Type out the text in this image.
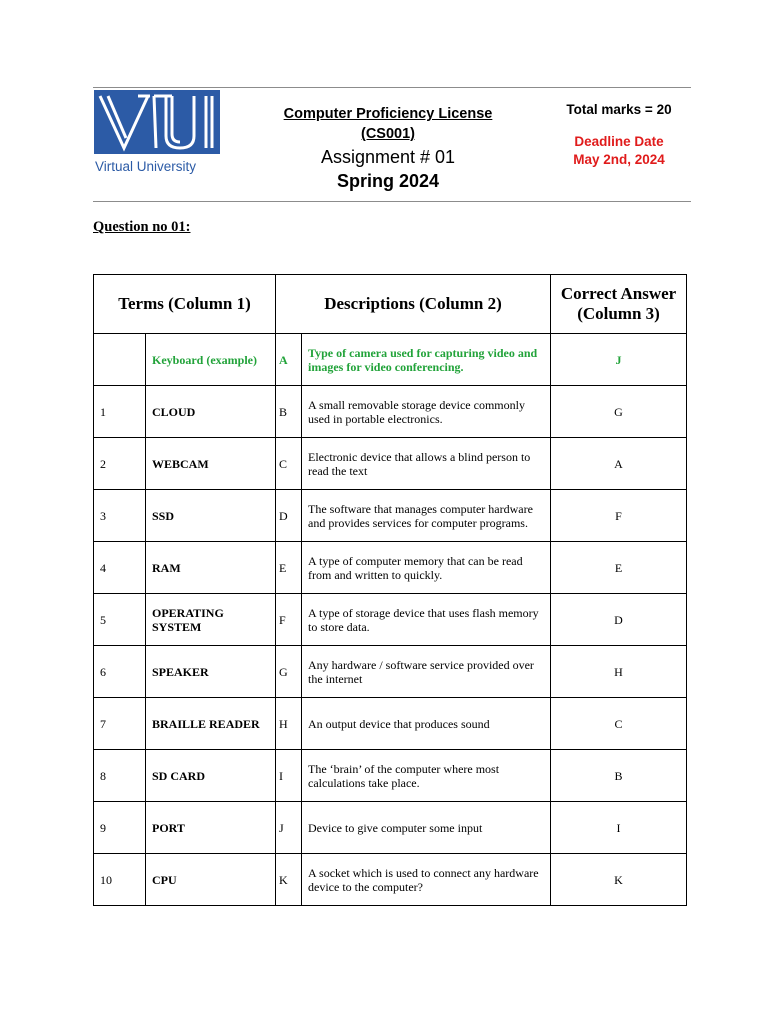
Virtual University
Computer Proficiency License
(CS001)
Assignment # 01
Spring 2024
Total marks = 20
Deadline Date
May 2nd, 2024
Question no 01:
Terms (Column 1)		Descriptions (Column 2)		Correct Answer (Column 3)
	Keyboard (example)	A	Type of camera used for capturing video and images for video conferencing.	J
1	CLOUD	B	A small removable storage device commonly used in portable electronics.	G
2	WEBCAM	C	Electronic device that allows a blind person to read the text	A
3	SSD	D	The software that manages computer hardware and provides services for computer programs.	F
4	RAM	E	A type of computer memory that can be read from and written to quickly.	E
5	OPERATING SYSTEM	F	A type of storage device that uses flash memory to store data.	D
6	SPEAKER	G	Any hardware / software service provided over the internet	H
7	BRAILLE READER	H	An output device that produces sound	C
8	SD CARD	I	The ‘brain’ of the computer where most calculations take place.	B
9	PORT	J	Device to give computer some input	I
10	CPU	K	A socket which is used to connect any hardware device to the computer?	K
